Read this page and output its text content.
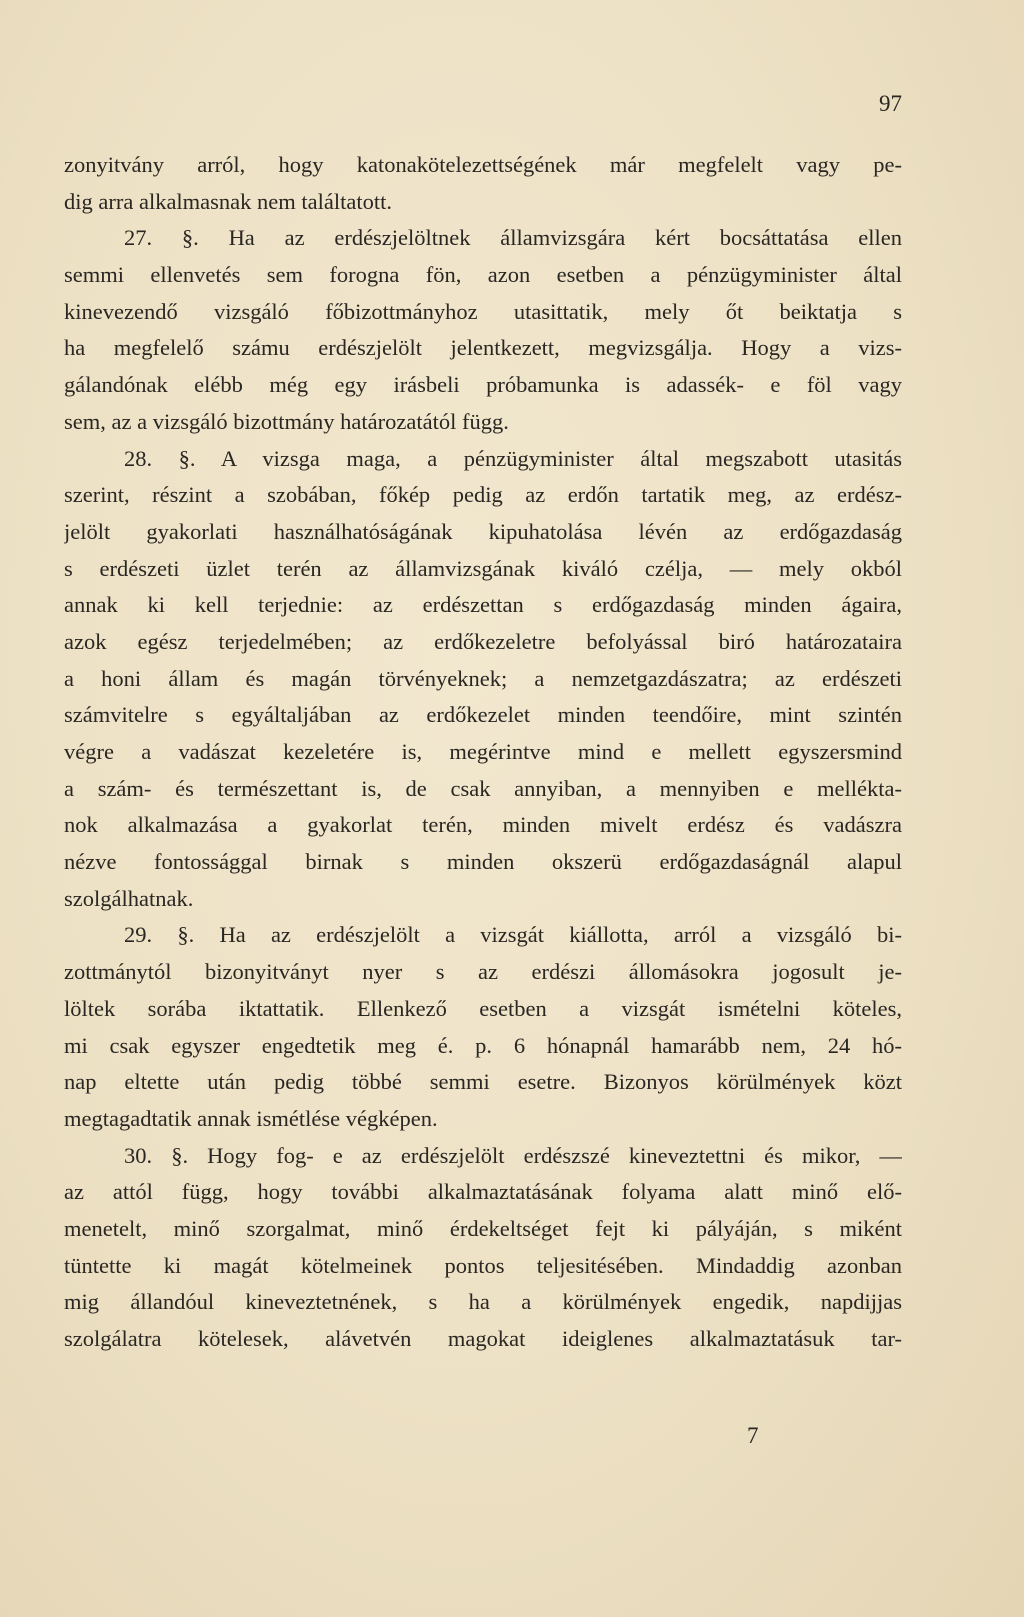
97
zonyitvány arról, hogy katonakötelezettségének már megfelelt vagy pe-
dig arra alkalmasnak nem találtatott.
27. §. Ha az erdészjelöltnek államvizsgára kért bocsáttatása ellen
semmi ellenvetés sem forogna fön, azon esetben a pénzügyminister által
kinevezendő vizsgáló főbizottmányhoz utasittatik, mely őt beiktatja s
ha megfelelő számu erdészjelölt jelentkezett, megvizsgálja. Hogy a vizs-
gálandónak elébb még egy irásbeli próbamunka is adassék- e föl vagy
sem, az a vizsgáló bizottmány határozatától függ.
28. §. A vizsga maga, a pénzügyminister által megszabott utasitás
szerint, részint a szobában, főkép pedig az erdőn tartatik meg, az erdész-
jelölt gyakorlati használhatóságának kipuhatolása lévén az erdőgazdaság
s erdészeti üzlet terén az államvizsgának kiváló czélja, — mely okból
annak ki kell terjednie: az erdészettan s erdőgazdaság minden ágaira,
azok egész terjedelmében; az erdőkezeletre befolyással biró határozataira
a honi állam és magán törvényeknek; a nemzetgazdászatra; az erdészeti
számvitelre s egyáltaljában az erdőkezelet minden teendőire, mint szintén
végre a vadászat kezeletére is, megérintve mind e mellett egyszersmind
a szám- és természettant is, de csak annyiban, a mennyiben e mellékta-
nok alkalmazása a gyakorlat terén, minden mivelt erdész és vadászra
nézve fontossággal birnak s minden okszerü erdőgazdaságnál alapul
szolgálhatnak.
29. §. Ha az erdészjelölt a vizsgát kiállotta, arról a vizsgáló bi-
zottmánytól bizonyitványt nyer s az erdészi állomásokra jogosult je-
löltek sorába iktattatik. Ellenkező esetben a vizsgát ismételni köteles,
mi csak egyszer engedtetik meg é. p. 6 hónapnál hamarább nem, 24 hó-
nap eltette után pedig többé semmi esetre. Bizonyos körülmények közt
megtagadtatik annak ismétlése végképen.
30. §. Hogy fog- e az erdészjelölt erdészszé kineveztettni és mikor, —
az attól függ, hogy további alkalmaztatásának folyama alatt minő elő-
menetelt, minő szorgalmat, minő érdekeltséget fejt ki pályáján, s miként
tüntette ki magát kötelmeinek pontos teljesitésében. Mindaddig azonban
mig állandóul kineveztetnének, s ha a körülmények engedik, napdijjas
szolgálatra kötelesek, alávetvén magokat ideiglenes alkalmaztatásuk tar-
7
